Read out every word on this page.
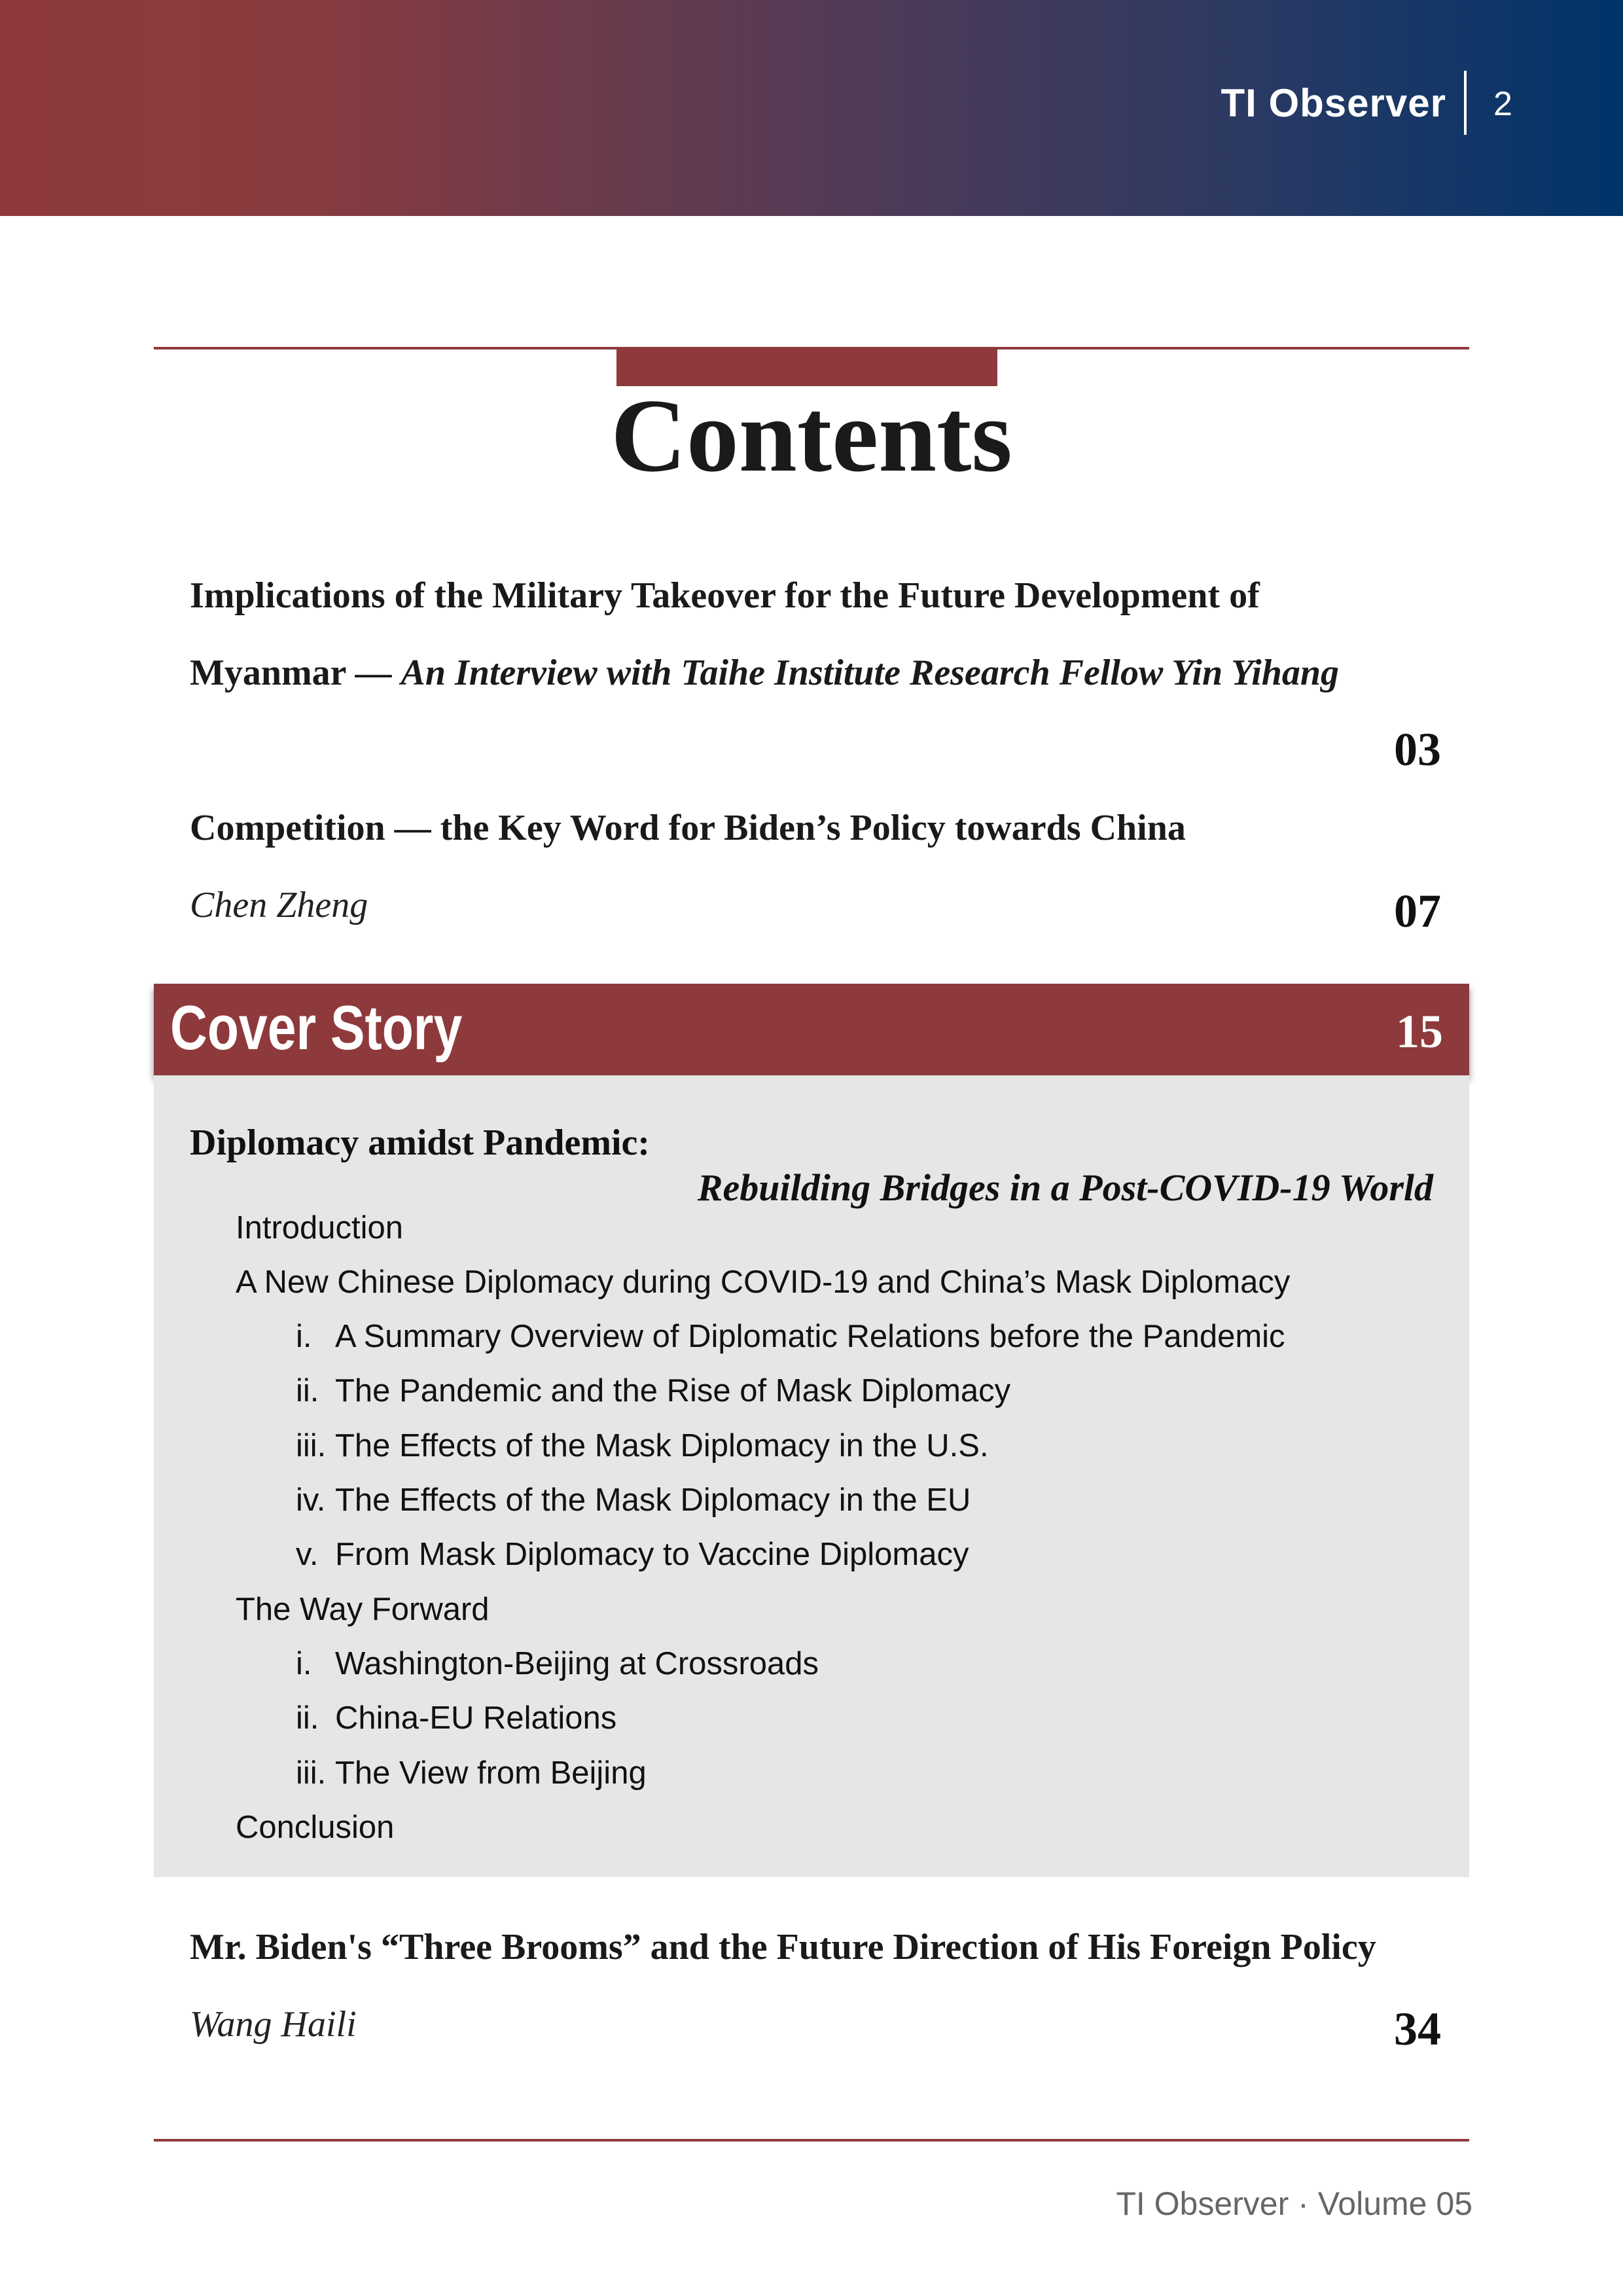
TI Observer 2
Contents
Implications of the Military Takeover for the Future Development of
Myanmar — An Interview with Taihe Institute Research Fellow Yin Yihang
03
Competition — the Key Word for Biden’s Policy towards China
Chen Zheng	07
Cover Story	15
Diplomacy amidst Pandemic:
Rebuilding Bridges in a Post-COVID-19 World
Introduction
A New Chinese Diplomacy during COVID-19 and China’s Mask Diplomacy
i. A Summary Overview of Diplomatic Relations before the Pandemic
ii. The Pandemic and the Rise of Mask Diplomacy
iii. The Effects of the Mask Diplomacy in the U.S.
iv. The Effects of the Mask Diplomacy in the EU
v. From Mask Diplomacy to Vaccine Diplomacy
The Way Forward
i. Washington-Beijing at Crossroads
ii. China-EU Relations
iii. The View from Beijing
Conclusion
Mr. Biden's “Three Brooms” and the Future Direction of His Foreign Policy
Wang Haili	34
TI Observer · Volume 05
